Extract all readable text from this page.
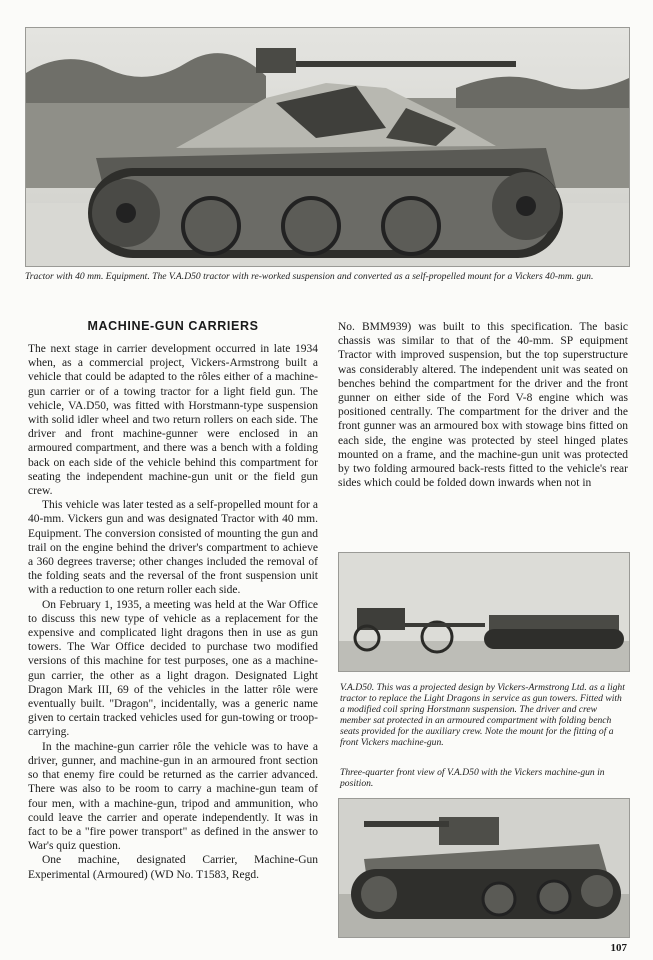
Tractor with 40 mm. Equipment. The V.A.D50 tractor with re-worked suspension and converted as a self-propelled mount for a Vickers 40-mm. gun.

MACHINE-GUN CARRIERS

The next stage in carrier development occurred in late 1934 when, as a commercial project, Vickers-Armstrong built a vehicle that could be adapted to the rôles either of a machine-gun carrier or of a towing tractor for a light field gun. The vehicle, VA.D50, was fitted with Horstmann-type suspension with solid idler wheel and two return rollers on each side. The driver and front machine-gunner were enclosed in an armoured compartment, and there was a bench with a folding back on each side of the vehicle behind this compartment for seating the independent machine-gun unit or the field gun crew.

This vehicle was later tested as a self-propelled mount for a 40-mm. Vickers gun and was designated Tractor with 40 mm. Equipment. The conversion consisted of mounting the gun and trail on the engine behind the driver's compartment to achieve a 360 degrees traverse; other changes included the removal of the folding seats and the reversal of the front suspension unit with a reduction to one return roller each side.

On February 1, 1935, a meeting was held at the War Office to discuss this new type of vehicle as a replacement for the expensive and complicated light dragons then in use as gun towers. The War Office decided to purchase two modified versions of this machine for test purposes, one as a machine-gun carrier, the other as a light dragon. Designated Light Dragon Mark III, 69 of the vehicles in the latter rôle were eventually built. "Dragon", incidentally, was a generic name given to certain tracked vehicles used for gun-towing or troop-carrying.

In the machine-gun carrier rôle the vehicle was to have a driver, gunner, and machine-gun in an armoured front section so that enemy fire could be returned as the carrier advanced. There was also to be room to carry a machine-gun team of four men, with a machine-gun, tripod and ammunition, who could leave the carrier and operate independently. It was in fact to be a "fire power transport" as defined in the answer to War's quiz question.

One machine, designated Carrier, Machine-Gun Experimental (Armoured) (WD No. T1583, Regd.

No. BMM939) was built to this specification. The basic chassis was similar to that of the 40-mm. SP equipment Tractor with improved suspension, but the top superstructure was considerably altered. The independent unit was seated on benches behind the compartment for the driver and the front gunner on either side of the Ford V-8 engine which was positioned centrally. The compartment for the driver and the front gunner was an armoured box with stowage bins fitted on each side, the engine was protected by steel hinged plates mounted on a frame, and the machine-gun unit was protected by two folding armoured back-rests fitted to the vehicle's rear sides which could be folded down inwards when not in

V.A.D50. This was a projected design by Vickers-Armstrong Ltd. as a light tractor to replace the Light Dragons in service as gun towers. Fitted with a modified coil spring Horstmann suspension. The driver and crew member sat protected in an armoured compartment with folding bench seats provided for the auxiliary crew. Note the mount for the fitting of a front Vickers machine-gun.

Three-quarter front view of V.A.D50 with the Vickers machine-gun in position.

107
